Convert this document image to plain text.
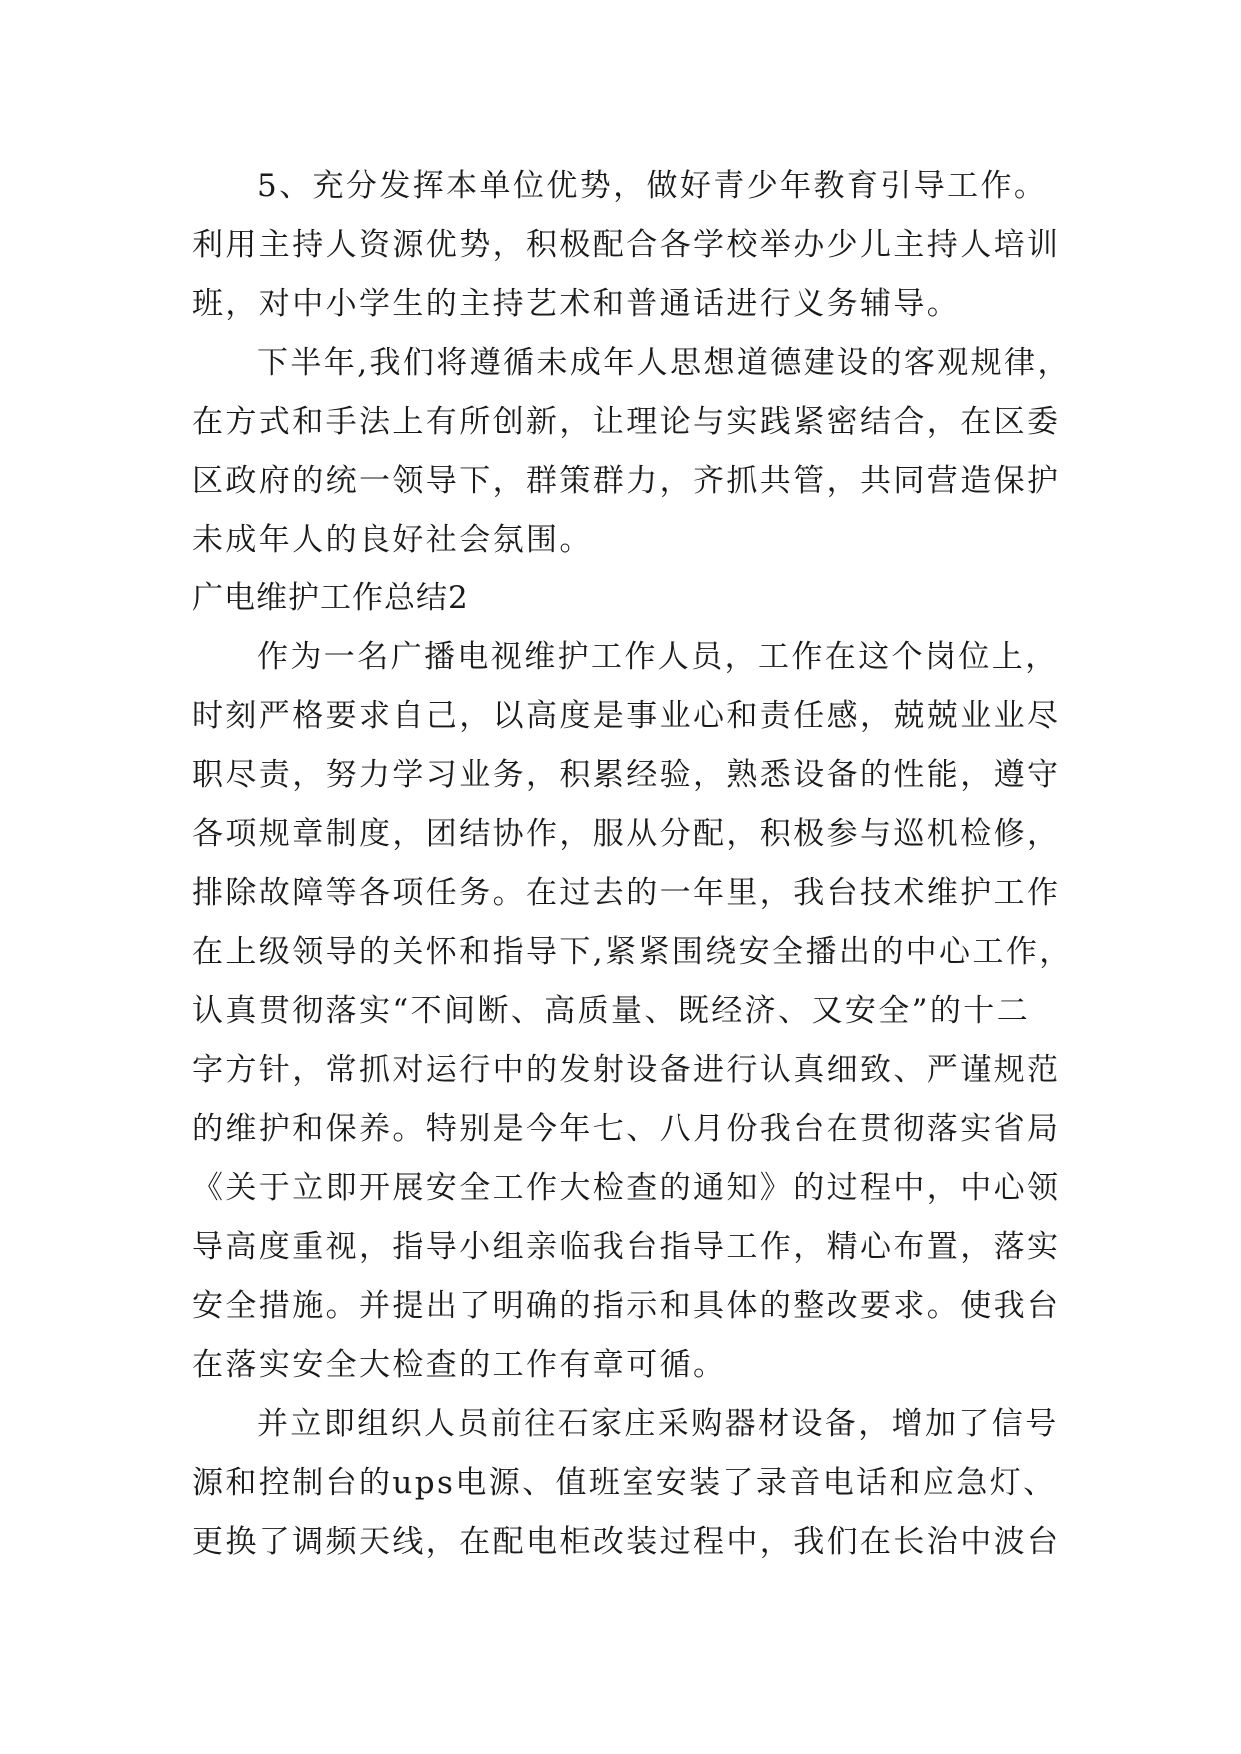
5、充分发挥本单位优势，做好青少年教育引导工作。
利用主持人资源优势，积极配合各学校举办少儿主持人培训
班，对中小学生的主持艺术和普通话进行义务辅导。
下半年,我们将遵循未成年人思想道德建设的客观规律，
在方式和手法上有所创新，让理论与实践紧密结合，在区委
区政府的统一领导下，群策群力，齐抓共管，共同营造保护
未成年人的良好社会氛围。
广电维护工作总结2
作为一名广播电视维护工作人员，工作在这个岗位上，
时刻严格要求自己，以高度是事业心和责任感，兢兢业业尽
职尽责，努力学习业务，积累经验，熟悉设备的性能，遵守
各项规章制度，团结协作，服从分配，积极参与巡机检修，
排除故障等各项任务。在过去的一年里，我台技术维护工作
在上级领导的关怀和指导下,紧紧围绕安全播出的中心工作，
认真贯彻落实“不间断、高质量、既经济、又安全”的十二
字方针，常抓对运行中的发射设备进行认真细致、严谨规范
的维护和保养。特别是今年七、八月份我台在贯彻落实省局
《关于立即开展安全工作大检查的通知》的过程中，中心领
导高度重视，指导小组亲临我台指导工作，精心布置，落实
安全措施。并提出了明确的指示和具体的整改要求。使我台
在落实安全大检查的工作有章可循。
并立即组织人员前往石家庄采购器材设备，增加了信号
源和控制台的ups电源、值班室安装了录音电话和应急灯、
更换了调频天线，在配电柜改装过程中，我们在长治中波台
